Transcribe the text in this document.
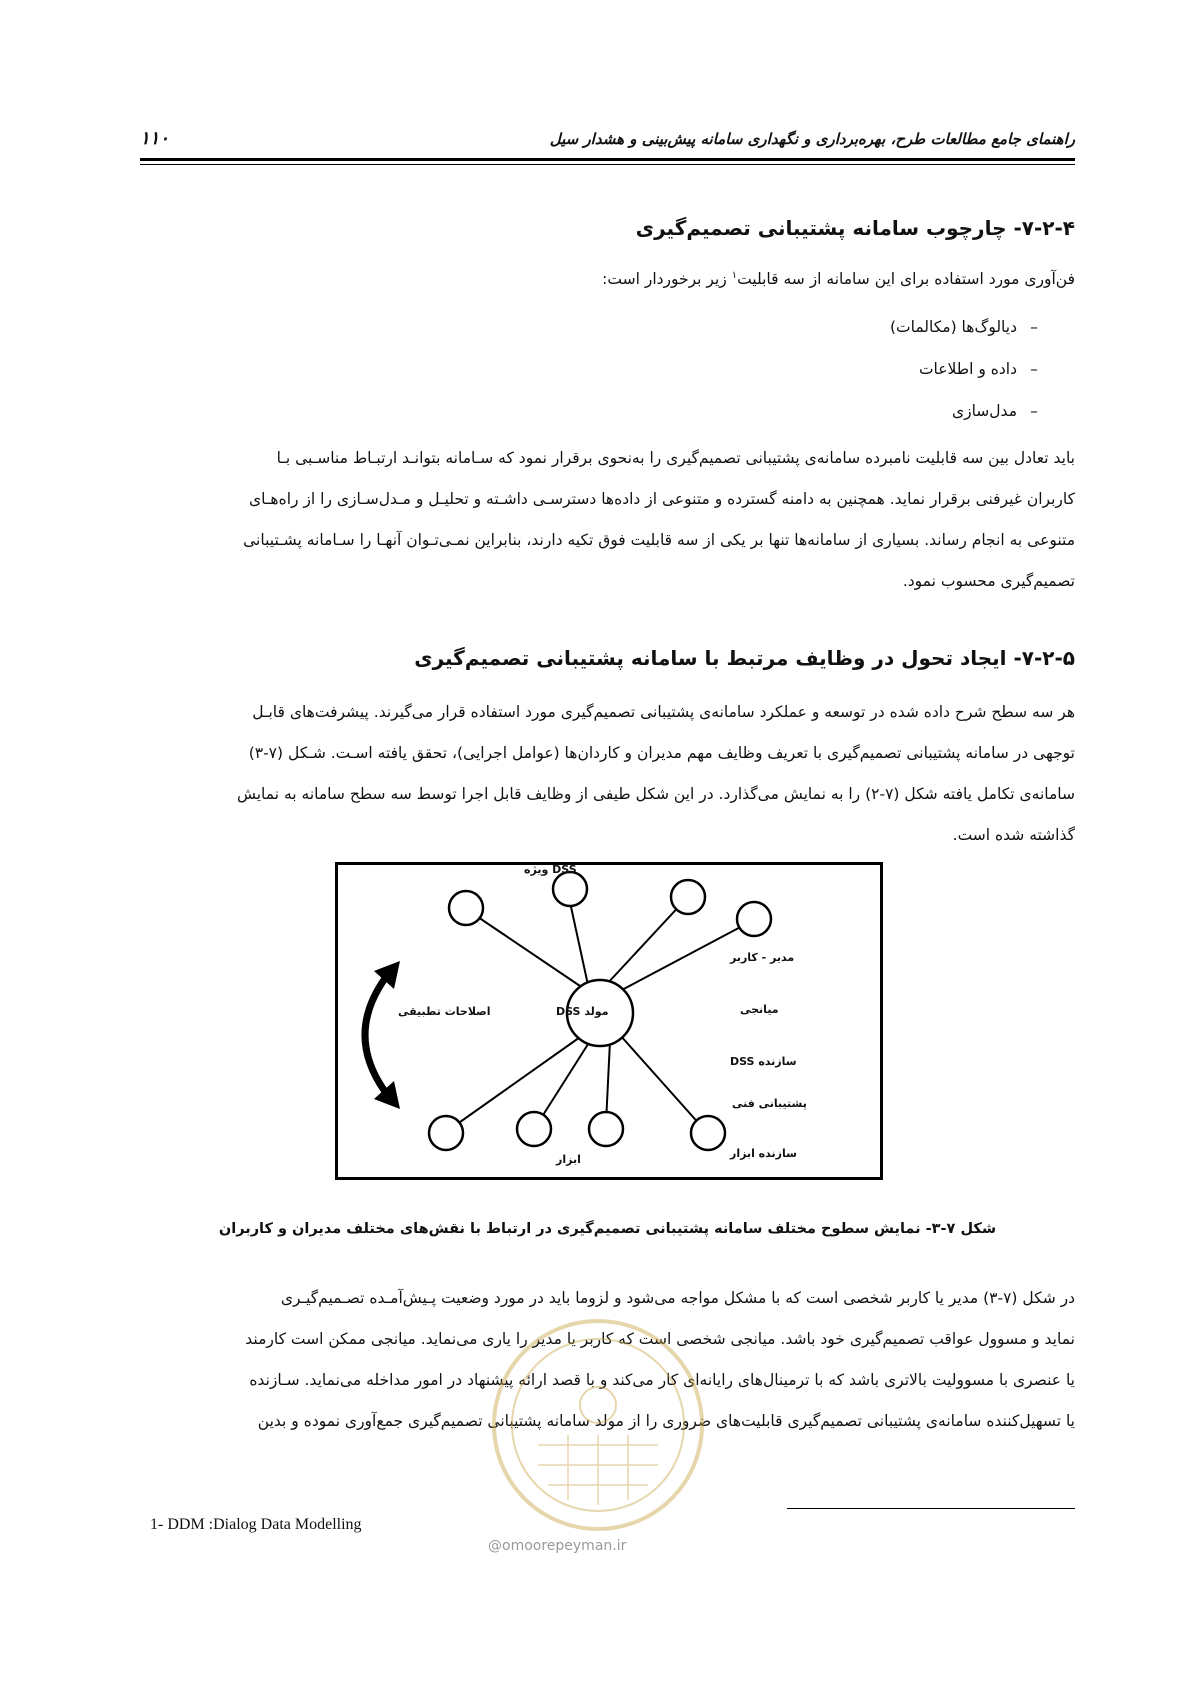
راهنمای جامع مطالعات طرح، بهره‌برداری و نگهداری سامانه پیش‌بینی و هشدار سیل
۱۱۰
۷-۲-۴- چارچوب سامانه پشتیبانی تصمیم‌گیری
فن‌آوری مورد استفاده برای این سامانه از سه قابلیت$^۱$ زیر برخوردار است:
–دیالوگ‌ها (مکالمات)
–داده و اطلاعات
–مدل‌سازی
باید تعادل بین سه قابلیت نامبرده سامانه‌ی پشتیبانی تصمیم‌گیری را به‌نحوی برقرار نمود که سـامانه بتوانـد ارتبـاط مناسـبی بـا
کاربران غیرفنی برقرار نماید. همچنین به دامنه گسترده و متنوعی از داده‌ها دسترسـی داشـته و تحلیـل و مـدل‌سـازی را از راه‌هـای
متنوعی به انجام رساند. بسیاری از سامانه‌ها تنها بر یکی از سه قابلیت فوق تکیه دارند، بنابراین نمـی‌تـوان آنهـا را سـامانه پشـتیبانی
تصمیم‌گیری محسوب نمود.
۷-۲-۵- ایجاد تحول در وظایف مرتبط با سامانه پشتیبانی تصمیم‌گیری
هر سه سطح شرح داده شده در توسعه و عملکرد سامانه‌ی پشتیبانی تصمیم‌گیری مورد استفاده قرار می‌گیرند. پیشرفت‌های قابـل
توجهی در سامانه پشتیبانی تصمیم‌گیری با تعریف وظایف مهم مدیران و کاردان‌ها (عوامل اجرایی)، تحقق یافته اسـت. شـکل (۷-۳)
سامانه‌ی تکامل یافته شکل (۷-۲) را به نمایش می‌گذارد. در این شکل طیفی از وظایف قابل اجرا توسط سه سطح سامانه به نمایش
گذاشته شده است.
مولد DSS
DSS ویژه
ابزار
اصلاحات تطبیقی
مدیر - کاربر
میانجی
سازنده DSS
پشتیبانی فنی
سازنده ابزار
شکل ۷-۳- نمایش سطوح مختلف سامانه پشتیبانی تصمیم‌گیری در ارتباط با نقش‌های مختلف مدیران و کاربران
در شکل (۷-۳) مدیر یا کاربر شخصی است که با مشکل مواجه می‌شود و لزوما باید در مورد وضعیت پـیش‌آمـده تصـمیم‌گیـری
نماید و مسوول عواقب تصمیم‌گیری خود باشد. میانجی شخصی است که کاربر یا مدیر را یاری می‌نماید. میانجی ممکن است کارمند
یا عنصری با مسوولیت بالاتری باشد که با ترمینال‌های رایانه‌ای کار می‌کند و با قصد ارائه پیشنهاد در امور مداخله می‌نماید. سـازنده
یا تسهیل‌کننده سامانه‌ی پشتیبانی تصمیم‌گیری قابلیت‌های ضروری را از مولد سامانه پشتیبانی تصمیم‌گیری جمع‌آوری نموده و بدین
@omoorepeyman.ir
1- DDM :Dialog Data Modelling
